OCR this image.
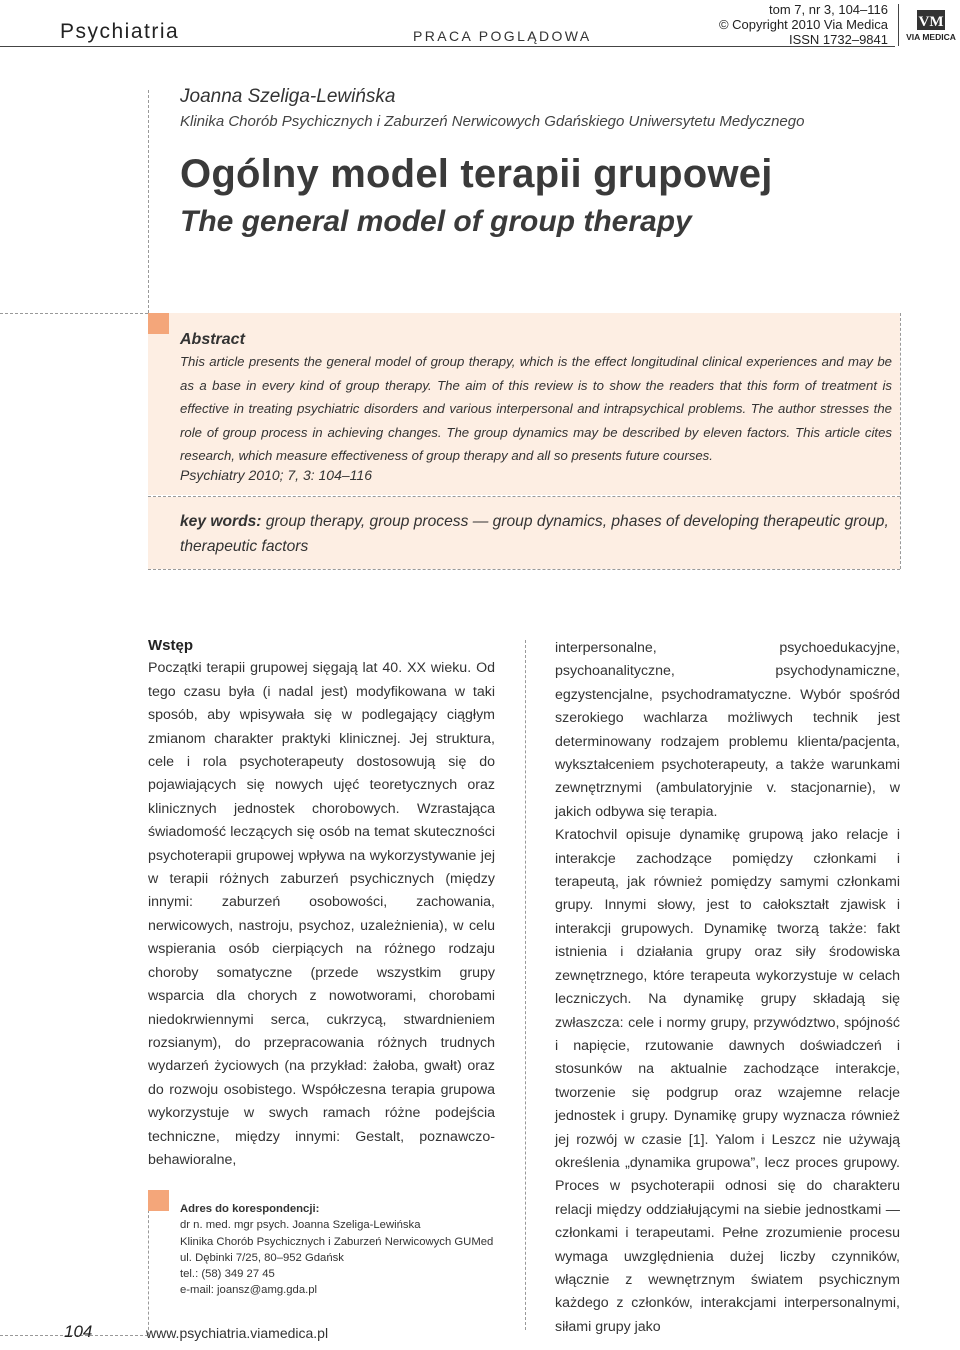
Psychiatria	PRACA POGLĄDOWA
tom 7, nr 3, 104–116
© Copyright 2010 Via Medica
ISSN 1732–9841
VM
VIA MEDICA
Joanna Szeliga-Lewińska
Klinika Chorób Psychicznych i Zaburzeń Nerwicowych Gdańskiego Uniwersytetu Medycznego
Ogólny model terapii grupowej
The general model of group therapy
Abstract
This article presents the general model of group therapy, which is the effect longitudinal clinical experiences and may be as a base in every kind of group therapy. The aim of this review is to show the readers that this form of treatment is effective in treating psychiatric disorders and various interpersonal and intrapsychical problems. The author stresses the role of group process in achieving changes. The group dynamics may be described by eleven factors. This article cites research, which measure effectiveness of group therapy and all so presents future courses.
Psychiatry 2010; 7, 3: 104–116
key words: group therapy, group process — group dynamics, phases of developing therapeutic group, therapeutic factors
Wstęp
Początki terapii grupowej sięgają lat 40. XX wieku. Od tego czasu była (i nadal jest) modyfikowana w taki sposób, aby wpisywała się w podlegający ciągłym zmianom charakter praktyki klinicznej. Jej struktura, cele i rola psychoterapeuty dostosowują się do pojawiających się nowych ujęć teoretycznych oraz klinicznych jednostek chorobowych. Wzrastająca świadomość leczących się osób na temat skuteczności psychoterapii grupowej wpływa na wykorzystywanie jej w terapii różnych zaburzeń psychicznych (między innymi: zaburzeń osobowości, zachowania, nerwicowych, nastroju, psychoz, uzależnienia), w celu wspierania osób cierpiących na różnego rodzaju choroby somatyczne (przede wszystkim grupy wsparcia dla chorych z nowotworami, chorobami niedokrwiennymi serca, cukrzycą, stwardnieniem rozsianym), do przepracowania różnych trudnych wydarzeń życiowych (na przykład: żałoba, gwałt) oraz do rozwoju osobistego. Współczesna terapia grupowa wykorzystuje w swych ramach różne podejścia techniczne, między innymi: Gestalt, poznawczo-behawioralne,
interpersonalne, psychoedukacyjne, psychoanalityczne, psychodynamiczne, egzystencjalne, psychodramatyczne. Wybór spośród szerokiego wachlarza możliwych technik jest determinowany rodzajem problemu klienta/pacjenta, wykształceniem psychoterapeuty, a także warunkami zewnętrznymi (ambulatoryjnie v. stacjonarnie), w jakich odbywa się terapia.
Kratochvil opisuje dynamikę grupową jako relacje i interakcje zachodzące pomiędzy członkami i terapeutą, jak również pomiędzy samymi członkami grupy. Innymi słowy, jest to całokształt zjawisk i interakcji grupowych. Dynamikę tworzą także: fakt istnienia i działania grupy oraz siły środowiska zewnętrznego, które terapeuta wykorzystuje w celach leczniczych. Na dynamikę grupy składają się zwłaszcza: cele i normy grupy, przywództwo, spójność i napięcie, rzutowanie dawnych doświadczeń i stosunków na aktualnie zachodzące interakcje, tworzenie się podgrup oraz wzajemne relacje jednostek i grupy. Dynamikę grupy wyznacza również jej rozwój w czasie [1]. Yalom i Leszcz nie używają określenia „dynamika grupowa”, lecz proces grupowy. Proces w psychoterapii odnosi się do charakteru relacji między oddziałującymi na siebie jednostkami — członkami i terapeutami. Pełne zrozumienie procesu wymaga uwzględnienia dużej liczby czynników, włącznie z wewnętrznym światem psychicznym każdego z członków, interakcjami interpersonalnymi, siłami grupy jako
Adres do korespondencji:
dr n. med. mgr psych. Joanna Szeliga-Lewińska
Klinika Chorób Psychicznych i Zaburzeń Nerwicowych GUMed
ul. Dębinki 7/25, 80–952 Gdańsk
tel.: (58) 349 27 45
e-mail: joansz@amg.gda.pl
104	www.psychiatria.viamedica.pl
